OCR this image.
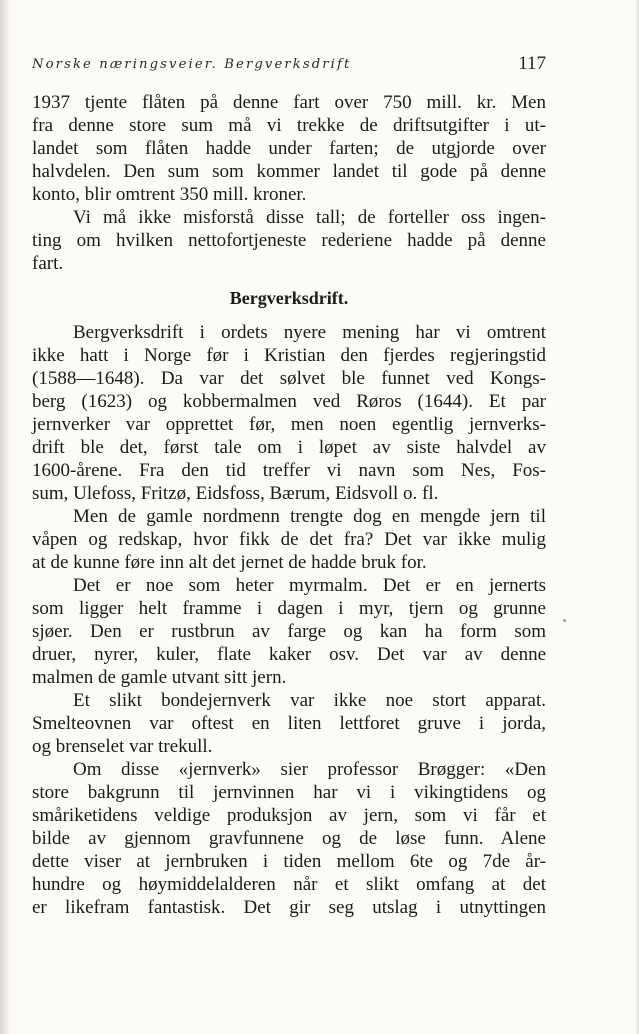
Norske næringsveier. Bergverksdrift	117
1937 tjente flåten på denne fart over 750 mill. kr. Men
fra denne store sum må vi trekke de driftsutgifter i ut-
landet som flåten hadde under farten; de utgjorde over
halvdelen. Den sum som kommer landet til gode på denne
konto, blir omtrent 350 mill. kroner.
Vi må ikke misforstå disse tall; de forteller oss ingen-
ting om hvilken nettofortjeneste rederiene hadde på denne
fart.
Bergverksdrift.
Bergverksdrift i ordets nyere mening har vi omtrent
ikke hatt i Norge før i Kristian den fjerdes regjeringstid
(1588—1648). Da var det sølvet ble funnet ved Kongs-
berg (1623) og kobbermalmen ved Røros (1644). Et par
jernverker var opprettet før, men noen egentlig jernverks-
drift ble det, først tale om i løpet av siste halvdel av
1600-årene. Fra den tid treffer vi navn som Nes, Fos-
sum, Ulefoss, Fritzø, Eidsfoss, Bærum, Eidsvoll o. fl.
Men de gamle nordmenn trengte dog en mengde jern til
våpen og redskap, hvor fikk de det fra? Det var ikke mulig
at de kunne føre inn alt det jernet de hadde bruk for.
Det er noe som heter myrmalm. Det er en jernerts
som ligger helt framme i dagen i myr, tjern og grunne
sjøer. Den er rustbrun av farge og kan ha form som
druer, nyrer, kuler, flate kaker osv. Det var av denne
malmen de gamle utvant sitt jern.
Et slikt bondejernverk var ikke noe stort apparat.
Smelteovnen var oftest en liten lettforet gruve i jorda,
og brenselet var trekull.
Om disse «jernverk» sier professor Brøgger: «Den
store bakgrunn til jernvinnen har vi i vikingtidens og
småriketidens veldige produksjon av jern, som vi får et
bilde av gjennom gravfunnene og de løse funn. Alene
dette viser at jernbruken i tiden mellom 6te og 7de år-
hundre og høymiddelalderen når et slikt omfang at det
er likefram fantastisk. Det gir seg utslag i utnyttingen
